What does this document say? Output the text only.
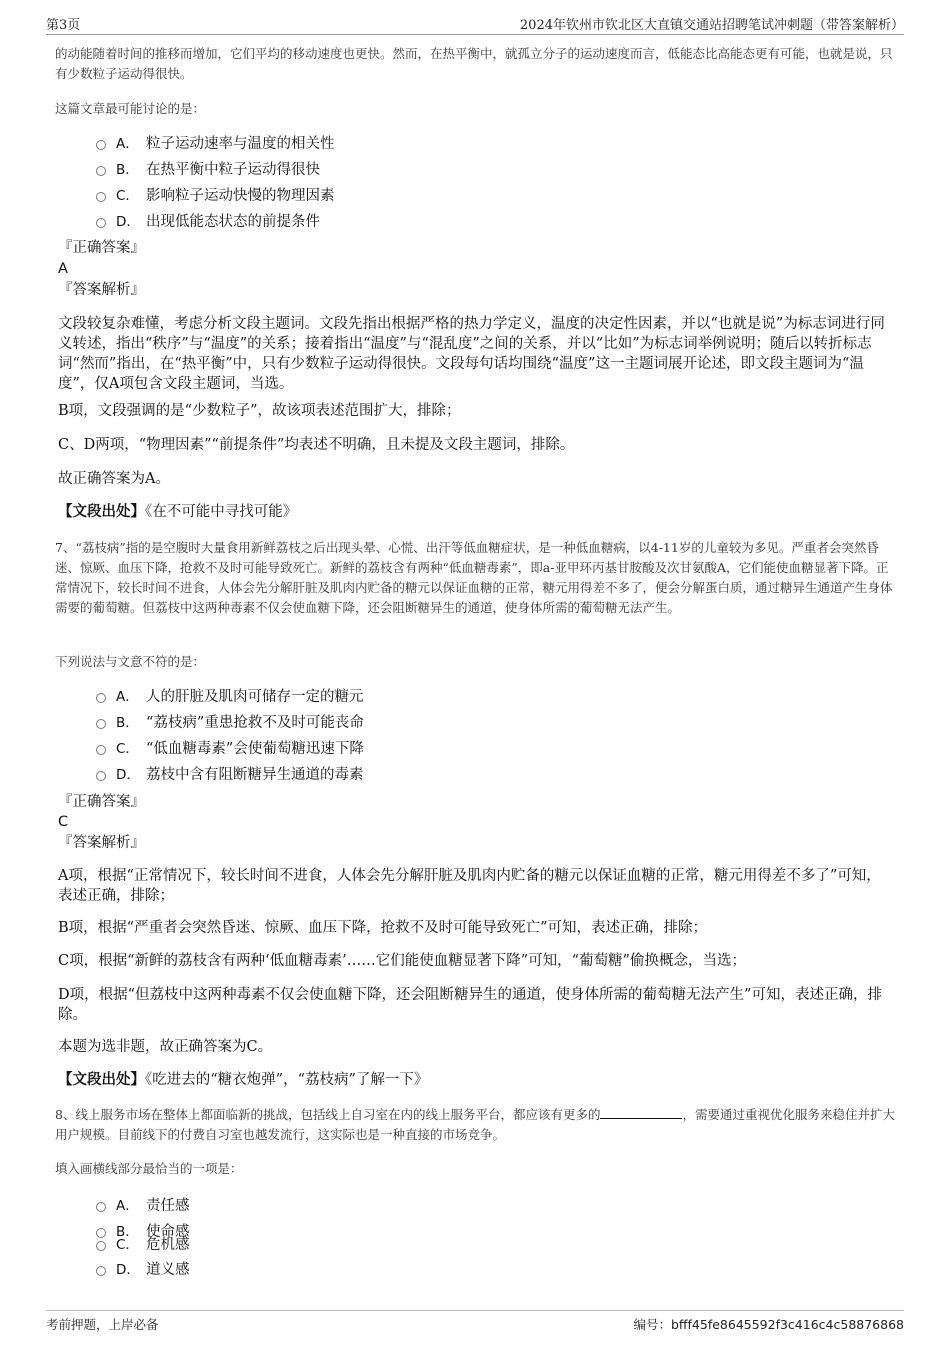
第3页	2024年钦州市钦北区大直镇交通站招聘笔试冲刺题（带答案解析）
的动能随着时间的推移而增加，它们平均的移动速度也更快。然而，在热平衡中，就孤立分子的运动速度而言，低能态比高能态更有可能，也就是说，只有少数粒子运动得很快。
这篇文章最可能讨论的是：
A． 粒子运动速率与温度的相关性
B． 在热平衡中粒子运动得很快
C． 影响粒子运动快慢的物理因素
D． 出现低能态状态的前提条件
『正确答案』
A
『答案解析』
文段较复杂难懂，考虑分析文段主题词。文段先指出根据严格的热力学定义，温度的决定性因素，并以“也就是说”为标志词进行同义转述，指出“秩序”与“温度”的关系；接着指出“温度”与“混乱度”之间的关系，并以“比如”为标志词举例说明；随后以转折标志词“然而”指出，在“热平衡”中，只有少数粒子运动得很快。文段每句话均围绕“温度”这一主题词展开论述，即文段主题词为“温度”，仅A项包含文段主题词，当选。
B项，文段强调的是“少数粒子”，故该项表述范围扩大，排除；
C、D两项，“物理因素”“前提条件”均表述不明确，且未提及文段主题词，排除。
故正确答案为A。
【文段出处】《在不可能中寻找可能》
7、“荔枝病”指的是空腹时大量食用新鲜荔枝之后出现头晕、心慌、出汗等低血糖症状，是一种低血糖病，以4-11岁的儿童较为多见。严重者会突然昏迷、惊厥、血压下降，抢救不及时可能导致死亡。新鲜的荔枝含有两种“低血糖毒素”，即a-亚甲环丙基甘胺酸及次甘氨酸A，它们能使血糖显著下降。正常情况下，较长时间不进食，人体会先分解肝脏及肌肉内贮备的糖元以保证血糖的正常，糖元用得差不多了，便会分解蛋白质，通过糖异生通道产生身体需要的葡萄糖。但荔枝中这两种毒素不仅会使血糖下降，还会阻断糖异生的通道，使身体所需的葡萄糖无法产生。
下列说法与文意不符的是：
A． 人的肝脏及肌肉可储存一定的糖元
B． “荔枝病”重患抢救不及时可能丧命
C． “低血糖毒素”会使葡萄糖迅速下降
D． 荔枝中含有阻断糖异生通道的毒素
『正确答案』
C
『答案解析』
A项，根据“正常情况下，较长时间不进食，人体会先分解肝脏及肌肉内贮备的糖元以保证血糖的正常，糖元用得差不多了”可知，表述正确，排除；
B项，根据“严重者会突然昏迷、惊厥、血压下降，抢救不及时可能导致死亡”可知，表述正确，排除；
C项，根据“新鲜的荔枝含有两种‘低血糖毒素’……它们能使血糖显著下降”可知，“葡萄糖”偷换概念，当选；
D项，根据“但荔枝中这两种毒素不仅会使血糖下降，还会阻断糖异生的通道，使身体所需的葡萄糖无法产生”可知，表述正确，排除。
本题为选非题，故正确答案为C。
【文段出处】《吃进去的“糖衣炮弹”，“荔枝病”了解一下》
8、线上服务市场在整体上都面临新的挑战，包括线上自习室在内的线上服务平台，都应该有更多的	，需要通过重视优化服务来稳住并扩大用户规模。目前线下的付费自习室也越发流行，这实际也是一种直接的市场竞争。
填入画横线部分最恰当的一项是：
A． 责任感
B． 使命感
C． 危机感
D． 道义感
考前押题，上岸必备	编号：bfff45fe8645592f3c416c4c58876868
